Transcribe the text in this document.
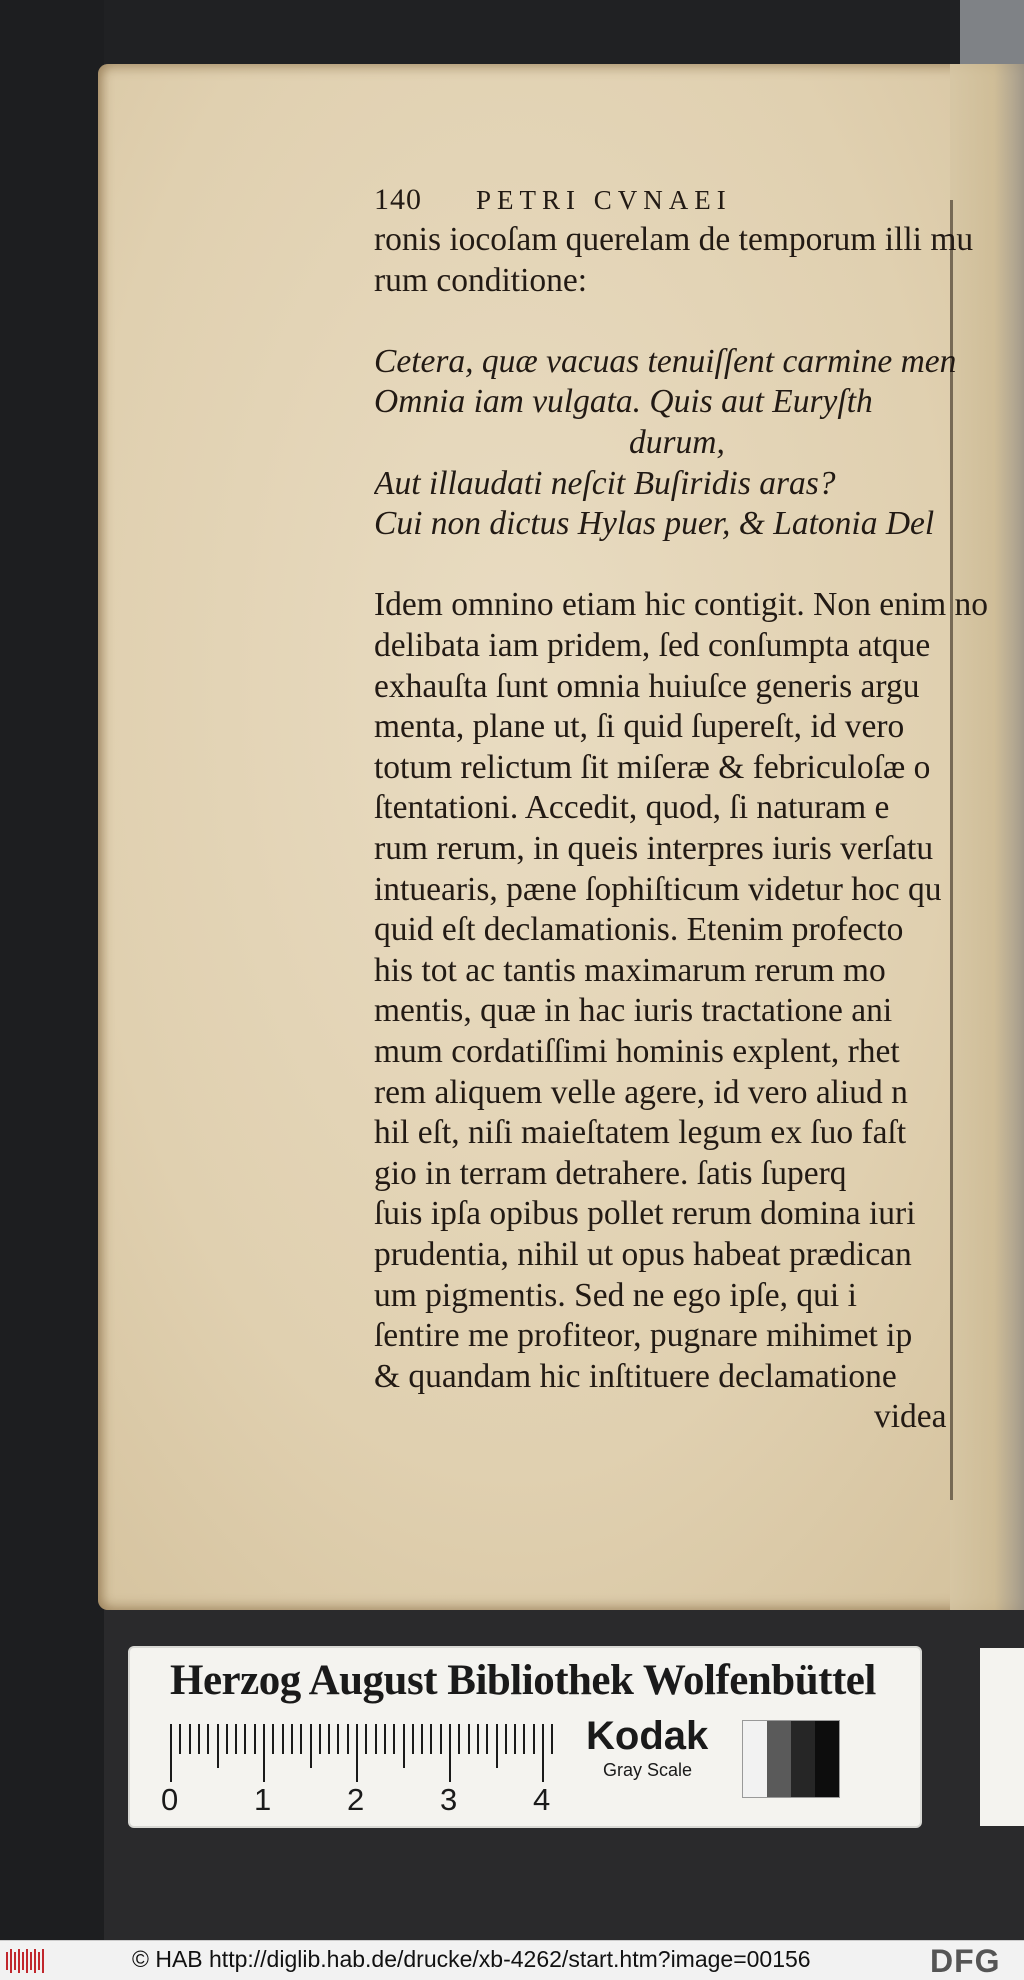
140 PETRI CVNAEI
ronis iocoſam querelam de temporum illi mu
rum conditione:
Cetera, quæ vacuas tenuiſſent carmine men
Omnia iam vulgata. Quis aut Euryſth
durum,
Aut illaudati neſcit Buſiridis aras?
Cui non dictus Hylas puer, & Latonia Del
Idem omnino etiam hic contigit. Non enim no
delibata iam pridem, ſed conſumpta atque
exhauſta ſunt omnia huiuſce generis argu
menta, plane ut, ſi quid ſupereſt, id vero
totum relictum ſit miſeræ & febriculoſæ o
ſtentationi. Accedit, quod, ſi naturam e
rum rerum, in queis interpres iuris verſatu
intuearis, pæne ſophiſticum videtur hoc qu
quid eſt declamationis. Etenim profecto
his tot ac tantis maximarum rerum mo
mentis, quæ in hac iuris tractatione ani
mum cordatiſſimi hominis explent, rhet
rem aliquem velle agere, id vero aliud n
hil eſt, niſi maieſtatem legum ex ſuo faſt
gio in terram detrahere. ſatis ſuperq
ſuis ipſa opibus pollet rerum domina iuri
prudentia, nihil ut opus habeat prædican
um pigmentis. Sed ne ego ipſe, qui i
ſentire me profiteor, pugnare mihimet ip
& quandam hic inſtituere declamatione
videa
Herzog August Bibliothek Wolfenbüttel
0 1 2 3 4
Kodak
Gray Scale
© HAB http://diglib.hab.de/drucke/xb-4262/start.htm?image=00156	DFG
